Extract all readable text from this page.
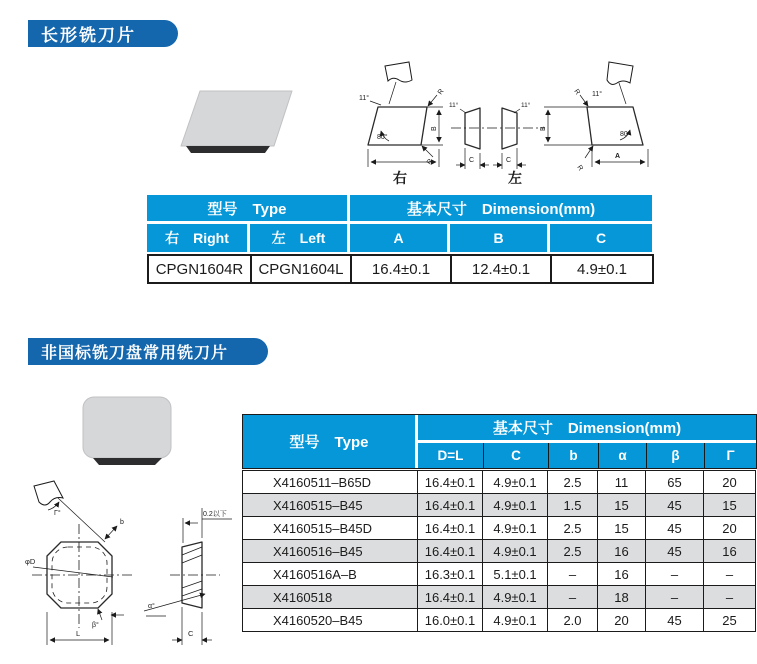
长形铣刀片
11°
80°
B
R
R
右
11°
C
11°
C
左
11°
80°
B
R
R
A
型号　Type	基本尺寸　Dimension(mm)
右　Right	左　Left	A	B	C
CPGN1604R	CPGN1604L	16.4±0.1	12.4±0.1	4.9±0.1
非国标铣刀盘常用铣刀片
φD
Γ°
b
β°
L
0.2以下
α°
C
型号　Type
基本尺寸　Dimension(mm)
D=L	C	b	α	β	Γ
X4160511–B65D	16.4±0.1	4.9±0.1	2.5	11	65	20
X4160515–B45	16.4±0.1	4.9±0.1	1.5	15	45	15
X4160515–B45D	16.4±0.1	4.9±0.1	2.5	15	45	20
X4160516–B45	16.4±0.1	4.9±0.1	2.5	16	45	16
X4160516A–B	16.3±0.1	5.1±0.1	–	16	–	–
X4160518	16.4±0.1	4.9±0.1	–	18	–	–
X4160520–B45	16.0±0.1	4.9±0.1	2.0	20	45	25
